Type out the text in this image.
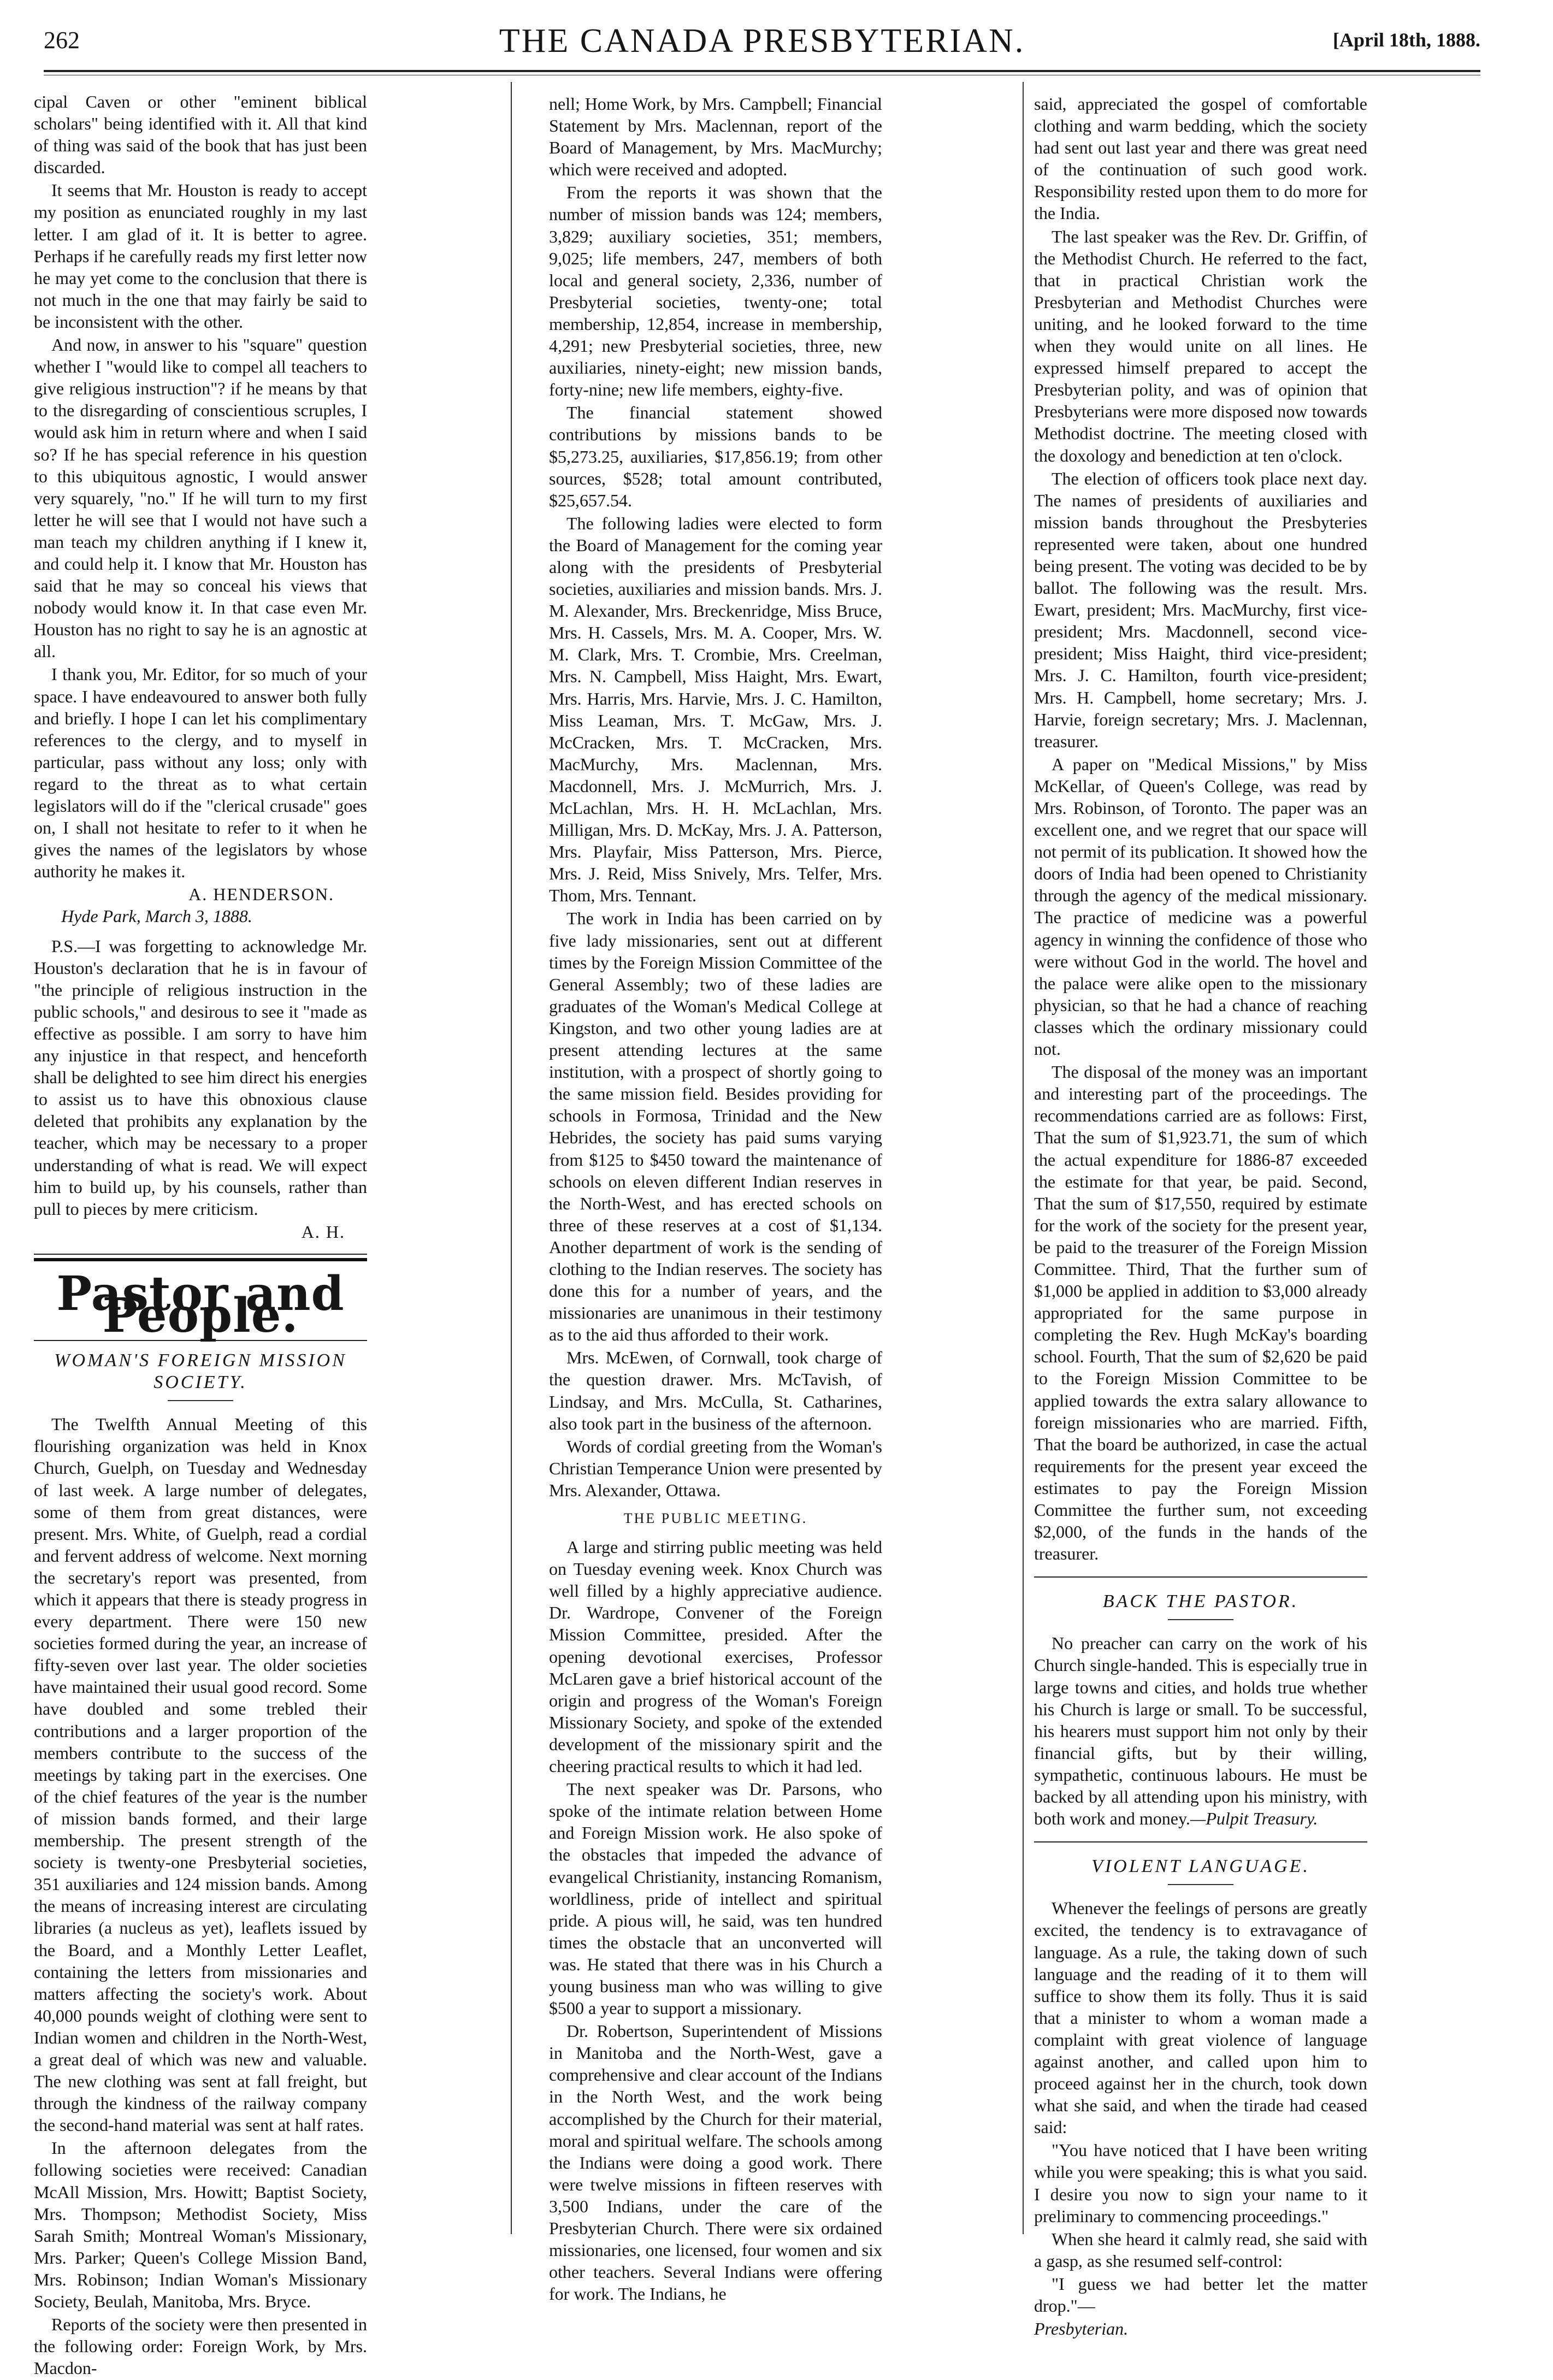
262	THE CANADA PRESBYTERIAN.	[April 18th, 1888.

cipal Caven or other "eminent biblical scholars" being identified with it. All that kind of thing was said of the book that has just been discarded.

It seems that Mr. Houston is ready to accept my position as enunciated roughly in my last letter. I am glad of it. It is better to agree. Perhaps if he carefully reads my first letter now he may yet come to the conclusion that there is not much in the one that may fairly be said to be inconsistent with the other.

And now, in answer to his "square" question whether I "would like to compel all teachers to give religious instruction"? if he means by that to the disregarding of conscientious scruples, I would ask him in return where and when I said so? If he has special reference in his question to this ubiquitous agnostic, I would answer very squarely, "no." If he will turn to my first letter he will see that I would not have such a man teach my children anything if I knew it, and could help it. I know that Mr. Houston has said that he may so conceal his views that nobody would know it. In that case even Mr. Houston has no right to say he is an agnostic at all.

I thank you, Mr. Editor, for so much of your space. I have endeavoured to answer both fully and briefly. I hope I can let his complimentary references to the clergy, and to myself in particular, pass without any loss; only with regard to the threat as to what certain legislators will do if the "clerical crusade" goes on, I shall not hesitate to refer to it when he gives the names of the legislators by whose authority he makes it.

A. HENDERSON.
Hyde Park, March 3, 1888.

P.S.—I was forgetting to acknowledge Mr. Houston's declaration that he is in favour of "the principle of religious instruction in the public schools," and desirous to see it "made as effective as possible. I am sorry to have him any injustice in that respect, and henceforth shall be delighted to see him direct his energies to assist us to have this obnoxious clause deleted that prohibits any explanation by the teacher, which may be necessary to a proper understanding of what is read. We will expect him to build up, by his counsels, rather than pull to pieces by mere criticism.

A. H.
Pastor and People.
WOMAN'S FOREIGN MISSION SOCIETY.

The Twelfth Annual Meeting of this flourishing organization was held in Knox Church, Guelph, on Tuesday and Wednesday of last week. A large number of delegates, some of them from great distances, were present. Mrs. White, of Guelph, read a cordial and fervent address of welcome. Next morning the secretary's report was presented, from which it appears that there is steady progress in every department. There were 150 new societies formed during the year, an increase of fifty-seven over last year. The older societies have maintained their usual good record. Some have doubled and some trebled their contributions and a larger proportion of the members contribute to the success of the meetings by taking part in the exercises. One of the chief features of the year is the number of mission bands formed, and their large membership. The present strength of the society is twenty-one Presbyterial societies, 351 auxiliaries and 124 mission bands. Among the means of increasing interest are circulating libraries (a nucleus as yet), leaflets issued by the Board, and a Monthly Letter Leaflet, containing the letters from missionaries and matters affecting the society's work. About 40,000 pounds weight of clothing were sent to Indian women and children in the North-West, a great deal of which was new and valuable. The new clothing was sent at fall freight, but through the kindness of the railway company the second-hand material was sent at half rates.

In the afternoon delegates from the following societies were received: Canadian McAll Mission, Mrs. Howitt; Baptist Society, Mrs. Thompson; Methodist Society, Miss Sarah Smith; Montreal Woman's Missionary, Mrs. Parker; Queen's College Mission Band, Mrs. Robinson; Indian Woman's Missionary Society, Beulah, Manitoba, Mrs. Bryce.

Reports of the society were then presented in the following order: Foreign Work, by Mrs. Macdon-

nell; Home Work, by Mrs. Campbell; Financial Statement by Mrs. Maclennan, report of the Board of Management, by Mrs. MacMurchy; which were received and adopted.

From the reports it was shown that the number of mission bands was 124; members, 3,829; auxiliary societies, 351; members, 9,025; life members, 247, members of both local and general society, 2,336, number of Presbyterial societies, twenty-one; total membership, 12,854, increase in membership, 4,291; new Presbyterial societies, three, new auxiliaries, ninety-eight; new mission bands, forty-nine; new life members, eighty-five.

The financial statement showed contributions by missions bands to be $5,273.25, auxiliaries, $17,856.19; from other sources, $528; total amount contributed, $25,657.54.

The following ladies were elected to form the Board of Management for the coming year along with the presidents of Presbyterial societies, auxiliaries and mission bands. Mrs. J. M. Alexander, Mrs. Breckenridge, Miss Bruce, Mrs. H. Cassels, Mrs. M. A. Cooper, Mrs. W. M. Clark, Mrs. T. Crombie, Mrs. Creelman, Mrs. N. Campbell, Miss Haight, Mrs. Ewart, Mrs. Harris, Mrs. Harvie, Mrs. J. C. Hamilton, Miss Leaman, Mrs. T. McGaw, Mrs. J. McCracken, Mrs. T. McCracken, Mrs. MacMurchy, Mrs. Maclennan, Mrs. Macdonnell, Mrs. J. McMurrich, Mrs. J. McLachlan, Mrs. H. H. McLachlan, Mrs. Milligan, Mrs. D. McKay, Mrs. J. A. Patterson, Mrs. Playfair, Miss Patterson, Mrs. Pierce, Mrs. J. Reid, Miss Snively, Mrs. Telfer, Mrs. Thom, Mrs. Tennant.

The work in India has been carried on by five lady missionaries, sent out at different times by the Foreign Mission Committee of the General Assembly; two of these ladies are graduates of the Woman's Medical College at Kingston, and two other young ladies are at present attending lectures at the same institution, with a prospect of shortly going to the same mission field. Besides providing for schools in Formosa, Trinidad and the New Hebrides, the society has paid sums varying from $125 to $450 toward the maintenance of schools on eleven different Indian reserves in the North-West, and has erected schools on three of these reserves at a cost of $1,134. Another department of work is the sending of clothing to the Indian reserves. The society has done this for a number of years, and the missionaries are unanimous in their testimony as to the aid thus afforded to their work.

Mrs. McEwen, of Cornwall, took charge of the question drawer. Mrs. McTavish, of Lindsay, and Mrs. McCulla, St. Catharines, also took part in the business of the afternoon.

Words of cordial greeting from the Woman's Christian Temperance Union were presented by Mrs. Alexander, Ottawa.

THE PUBLIC MEETING.

A large and stirring public meeting was held on Tuesday evening week. Knox Church was well filled by a highly appreciative audience. Dr. Wardrope, Convener of the Foreign Mission Committee, presided. After the opening devotional exercises, Professor McLaren gave a brief historical account of the origin and progress of the Woman's Foreign Missionary Society, and spoke of the extended development of the missionary spirit and the cheering practical results to which it had led.

The next speaker was Dr. Parsons, who spoke of the intimate relation between Home and Foreign Mission work. He also spoke of the obstacles that impeded the advance of evangelical Christianity, instancing Romanism, worldliness, pride of intellect and spiritual pride. A pious will, he said, was ten hundred times the obstacle that an unconverted will was. He stated that there was in his Church a young business man who was willing to give $500 a year to support a missionary.

Dr. Robertson, Superintendent of Missions in Manitoba and the North-West, gave a comprehensive and clear account of the Indians in the North West, and the work being accomplished by the Church for their material, moral and spiritual welfare. The schools among the Indians were doing a good work. There were twelve missions in fifteen reserves with 3,500 Indians, under the care of the Presbyterian Church. There were six ordained missionaries, one licensed, four women and six other teachers. Several Indians were offering for work. The Indians, he

said, appreciated the gospel of comfortable clothing and warm bedding, which the society had sent out last year and there was great need of the continuation of such good work. Responsibility rested upon them to do more for the India.

The last speaker was the Rev. Dr. Griffin, of the Methodist Church. He referred to the fact, that in practical Christian work the Presbyterian and Methodist Churches were uniting, and he looked forward to the time when they would unite on all lines. He expressed himself prepared to accept the Presbyterian polity, and was of opinion that Presbyterians were more disposed now towards Methodist doctrine. The meeting closed with the doxology and benediction at ten o'clock.

The election of officers took place next day. The names of presidents of auxiliaries and mission bands throughout the Presbyteries represented were taken, about one hundred being present. The voting was decided to be by ballot. The following was the result. Mrs. Ewart, president; Mrs. MacMurchy, first vice-president; Mrs. Macdonnell, second vice-president; Miss Haight, third vice-president; Mrs. J. C. Hamilton, fourth vice-president; Mrs. H. Campbell, home secretary; Mrs. J. Harvie, foreign secretary; Mrs. J. Maclennan, treasurer.

A paper on "Medical Missions," by Miss McKellar, of Queen's College, was read by Mrs. Robinson, of Toronto. The paper was an excellent one, and we regret that our space will not permit of its publication. It showed how the doors of India had been opened to Christianity through the agency of the medical missionary. The practice of medicine was a powerful agency in winning the confidence of those who were without God in the world. The hovel and the palace were alike open to the missionary physician, so that he had a chance of reaching classes which the ordinary missionary could not.

The disposal of the money was an important and interesting part of the proceedings. The recommendations carried are as follows: First, That the sum of $1,923.71, the sum of which the actual expenditure for 1886-87 exceeded the estimate for that year, be paid. Second, That the sum of $17,550, required by estimate for the work of the society for the present year, be paid to the treasurer of the Foreign Mission Committee. Third, That the further sum of $1,000 be applied in addition to $3,000 already appropriated for the same purpose in completing the Rev. Hugh McKay's boarding school. Fourth, That the sum of $2,620 be paid to the Foreign Mission Committee to be applied towards the extra salary allowance to foreign missionaries who are married. Fifth, That the board be authorized, in case the actual requirements for the present year exceed the estimates to pay the Foreign Mission Committee the further sum, not exceeding $2,000, of the funds in the hands of the treasurer.

BACK THE PASTOR.

No preacher can carry on the work of his Church single-handed. This is especially true in large towns and cities, and holds true whether his Church is large or small. To be successful, his hearers must support him not only by their financial gifts, but by their willing, sympathetic, continuous labours. He must be backed by all attending upon his ministry, with both work and money.—Pulpit Treasury.

VIOLENT LANGUAGE.

Whenever the feelings of persons are greatly excited, the tendency is to extravagance of language. As a rule, the taking down of such language and the reading of it to them will suffice to show them its folly. Thus it is said that a minister to whom a woman made a complaint with great violence of language against another, and called upon him to proceed against her in the church, took down what she said, and when the tirade had ceased said:

"You have noticed that I have been writing while you were speaking; this is what you said. I desire you now to sign your name to it preliminary to commencing proceedings."

When she heard it calmly read, she said with a gasp, as she resumed self-control:

"I guess we had better let the matter drop."—

Presbyterian.
